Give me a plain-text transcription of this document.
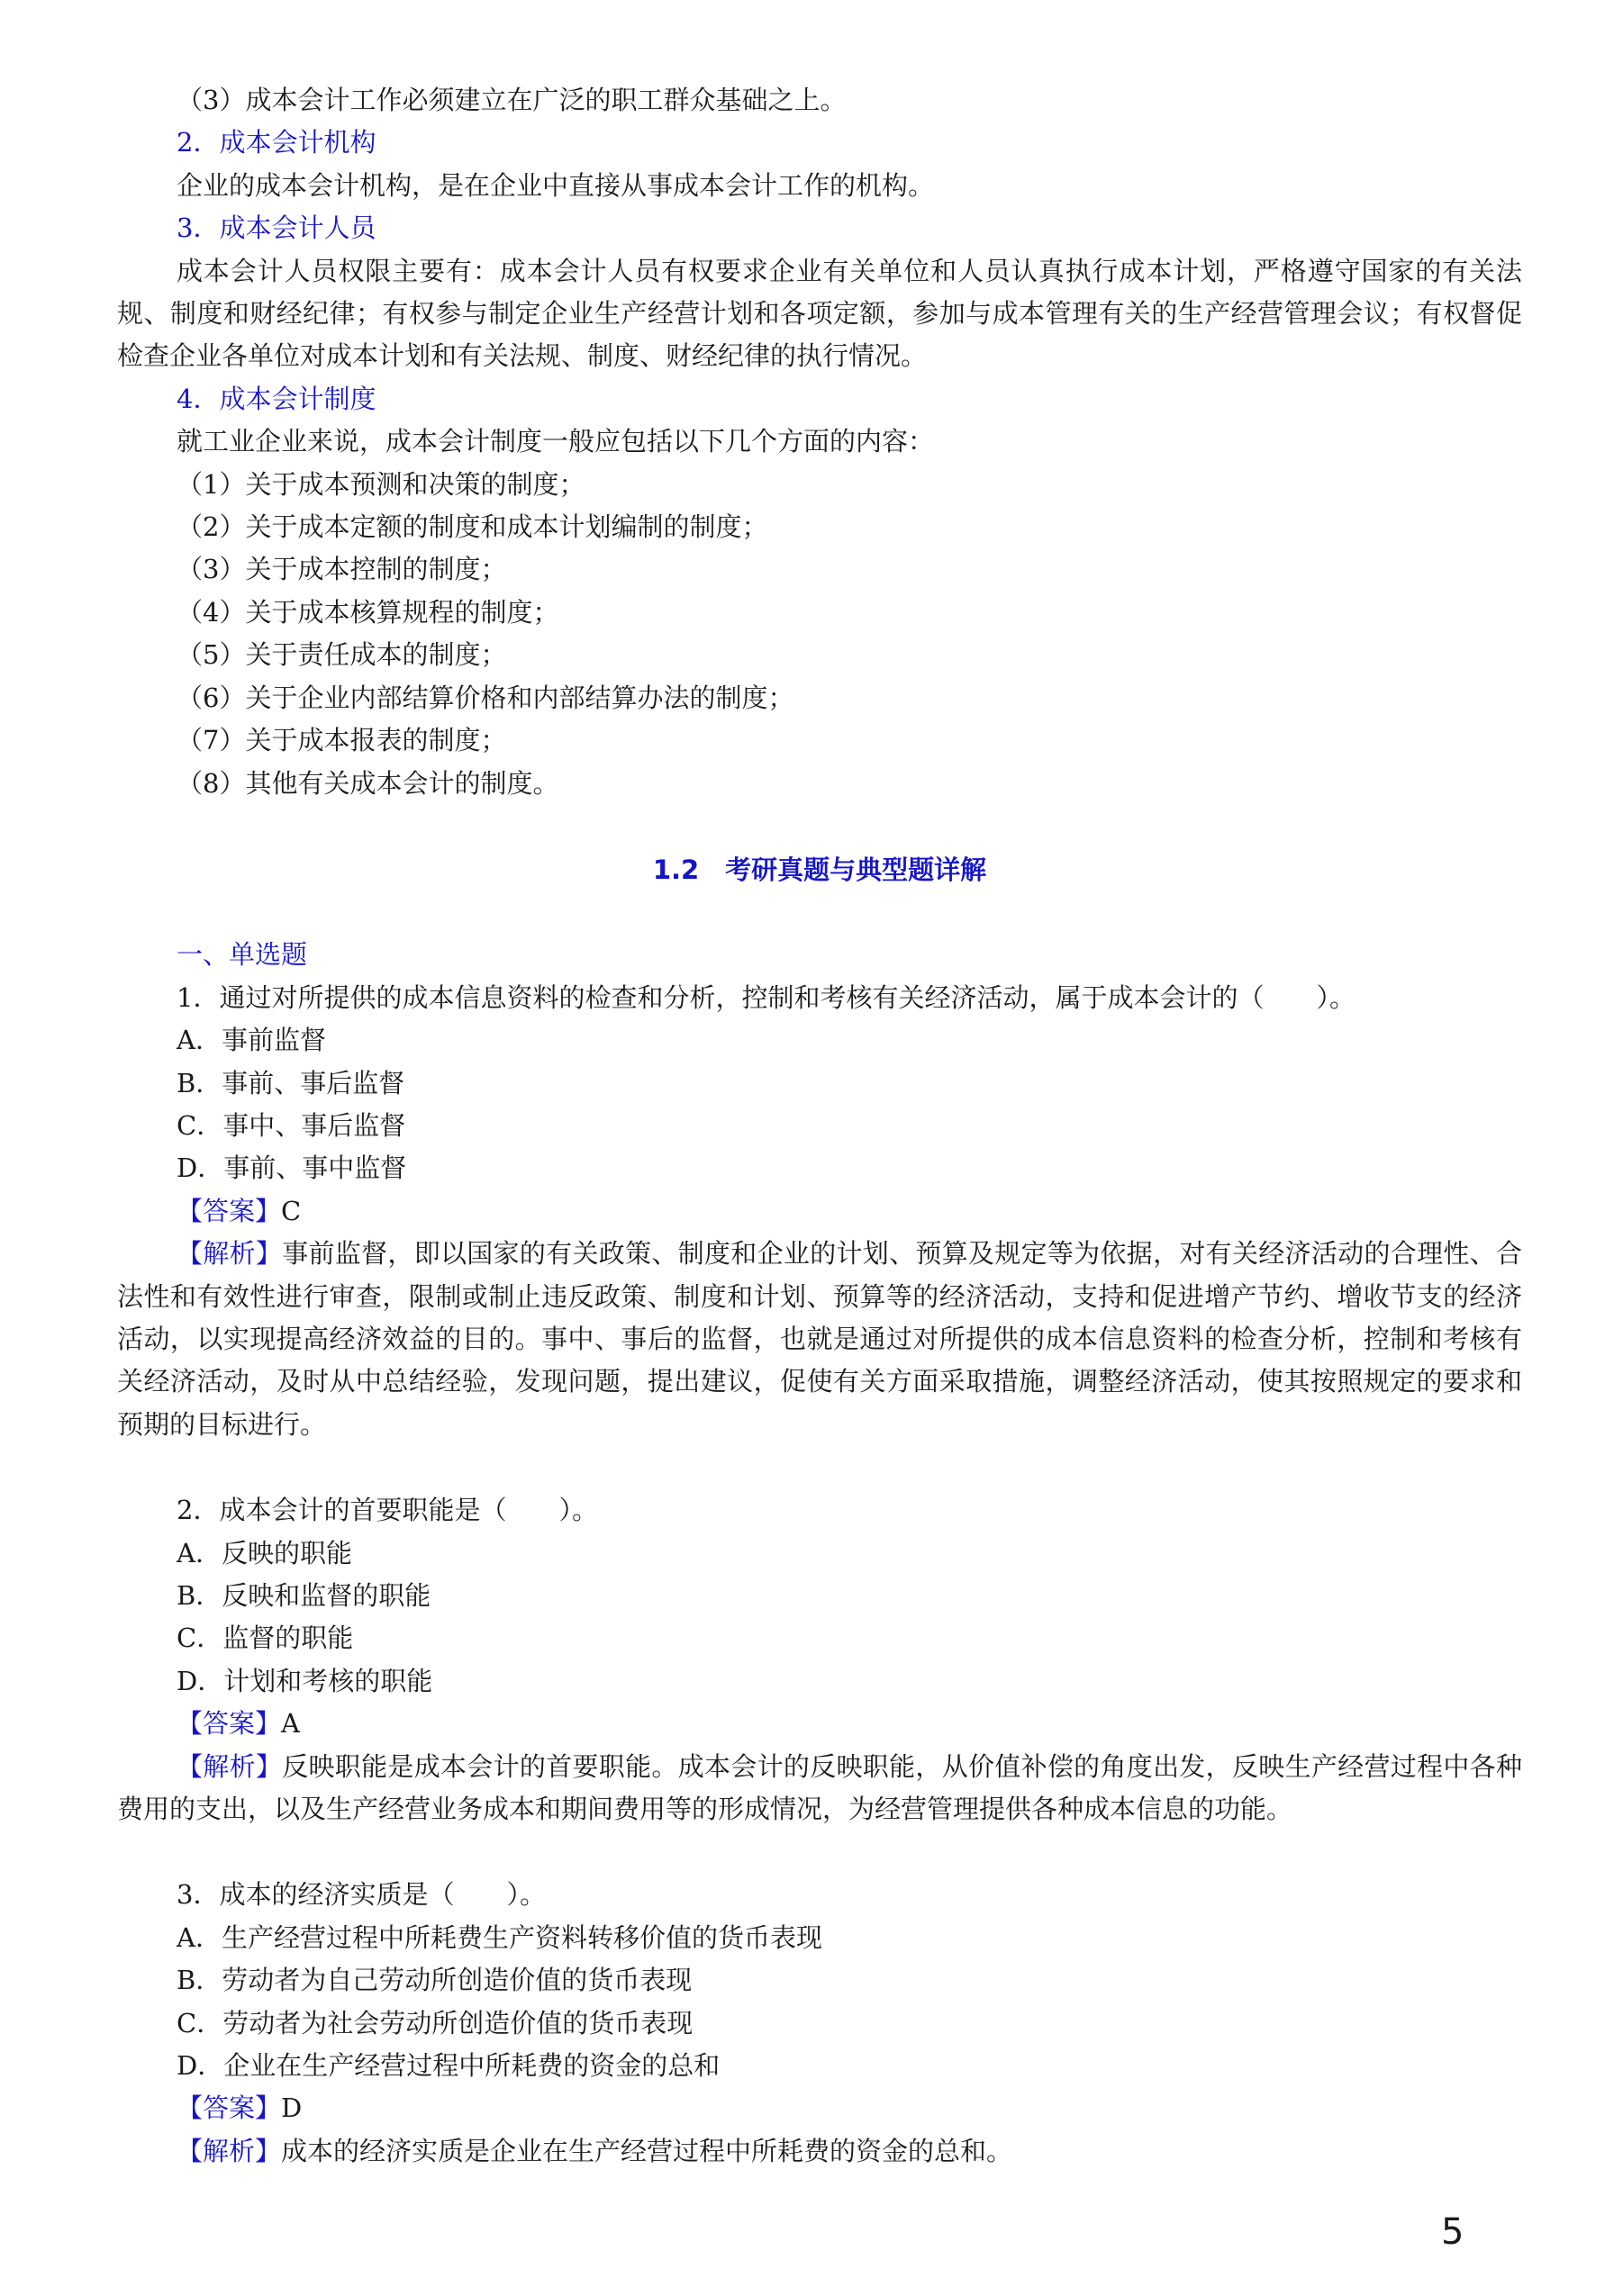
（3）成本会计工作必须建立在广泛的职工群众基础之上。

2．成本会计机构

企业的成本会计机构，是在企业中直接从事成本会计工作的机构。

3．成本会计人员

成本会计人员权限主要有：成本会计人员有权要求企业有关单位和人员认真执行成本计划，严格遵守国家的有关法规、制度和财经纪律；有权参与制定企业生产经营计划和各项定额，参加与成本管理有关的生产经营管理会议；有权督促检查企业各单位对成本计划和有关法规、制度、财经纪律的执行情况。

4．成本会计制度

就工业企业来说，成本会计制度一般应包括以下几个方面的内容：

（1）关于成本预测和决策的制度；

（2）关于成本定额的制度和成本计划编制的制度；

（3）关于成本控制的制度；

（4）关于成本核算规程的制度；

（5）关于责任成本的制度；

（6）关于企业内部结算价格和内部结算办法的制度；

（7）关于成本报表的制度；

（8）其他有关成本会计的制度。

1.2　考研真题与典型题详解

一、单选题

1．通过对所提供的成本信息资料的检查和分析，控制和考核有关经济活动，属于成本会计的（　　）。

A．事前监督

B．事前、事后监督

C．事中、事后监督

D．事前、事中监督

【答案】C

【解析】事前监督，即以国家的有关政策、制度和企业的计划、预算及规定等为依据，对有关经济活动的合理性、合法性和有效性进行审查，限制或制止违反政策、制度和计划、预算等的经济活动，支持和促进增产节约、增收节支的经济活动，以实现提高经济效益的目的。事中、事后的监督，也就是通过对所提供的成本信息资料的检查分析，控制和考核有关经济活动，及时从中总结经验，发现问题，提出建议，促使有关方面采取措施，调整经济活动，使其按照规定的要求和预期的目标进行。

2．成本会计的首要职能是（　　）。

A．反映的职能

B．反映和监督的职能

C．监督的职能

D．计划和考核的职能

【答案】A

【解析】反映职能是成本会计的首要职能。成本会计的反映职能，从价值补偿的角度出发，反映生产经营过程中各种费用的支出，以及生产经营业务成本和期间费用等的形成情况，为经营管理提供各种成本信息的功能。

3．成本的经济实质是（　　）。

A．生产经营过程中所耗费生产资料转移价值的货币表现

B．劳动者为自己劳动所创造价值的货币表现

C．劳动者为社会劳动所创造价值的货币表现

D．企业在生产经营过程中所耗费的资金的总和

【答案】D

【解析】成本的经济实质是企业在生产经营过程中所耗费的资金的总和。

5
